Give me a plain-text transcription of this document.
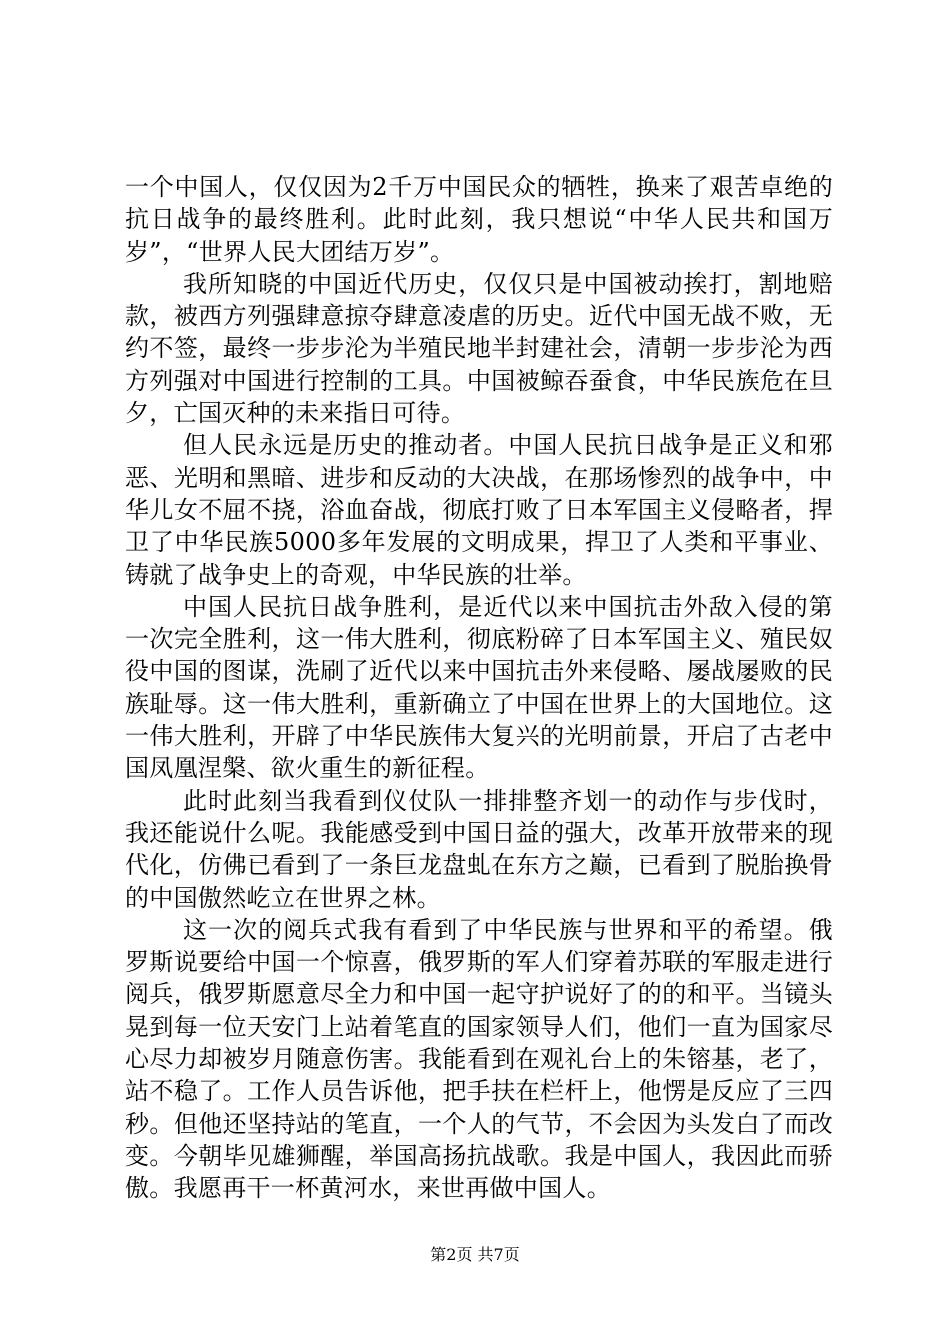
一个中国人，仅仅因为2千万中国民众的牺牲，换来了艰苦卓绝的抗日战争的最终胜利。此时此刻，我只想说“中华人民共和国万岁”，“世界人民大团结万岁”。

我所知晓的中国近代历史，仅仅只是中国被动挨打，割地赔款，被西方列强肆意掠夺肆意凌虐的历史。近代中国无战不败，无约不签，最终一步步沦为半殖民地半封建社会，清朝一步步沦为西方列强对中国进行控制的工具。中国被鲸吞蚕食，中华民族危在旦夕，亡国灭种的未来指日可待。

但人民永远是历史的推动者。中国人民抗日战争是正义和邪恶、光明和黑暗、进步和反动的大决战，在那场惨烈的战争中，中华儿女不屈不挠，浴血奋战，彻底打败了日本军国主义侵略者，捍卫了中华民族5000多年发展的文明成果，捍卫了人类和平事业、铸就了战争史上的奇观，中华民族的壮举。

中国人民抗日战争胜利，是近代以来中国抗击外敌入侵的第一次完全胜利，这一伟大胜利，彻底粉碎了日本军国主义、殖民奴役中国的图谋，洗刷了近代以来中国抗击外来侵略、屡战屡败的民族耻辱。这一伟大胜利，重新确立了中国在世界上的大国地位。这一伟大胜利，开辟了中华民族伟大复兴的光明前景，开启了古老中国凤凰涅槃、欲火重生的新征程。

此时此刻当我看到仪仗队一排排整齐划一的动作与步伐时，我还能说什么呢。我能感受到中国日益的强大，改革开放带来的现代化，仿佛已看到了一条巨龙盘虬在东方之巅，已看到了脱胎换骨的中国傲然屹立在世界之林。

这一次的阅兵式我有看到了中华民族与世界和平的希望。俄罗斯说要给中国一个惊喜，俄罗斯的军人们穿着苏联的军服走进行阅兵，俄罗斯愿意尽全力和中国一起守护说好了的的和平。当镜头晃到每一位天安门上站着笔直的国家领导人们，他们一直为国家尽心尽力却被岁月随意伤害。我能看到在观礼台上的朱镕基，老了，站不稳了。工作人员告诉他，把手扶在栏杆上，他愣是反应了三四秒。但他还坚持站的笔直，一个人的气节，不会因为头发白了而改变。今朝毕见雄狮醒，举国高扬抗战歌。我是中国人，我因此而骄傲。我愿再干一杯黄河水，来世再做中国人。

第2页 共7页
